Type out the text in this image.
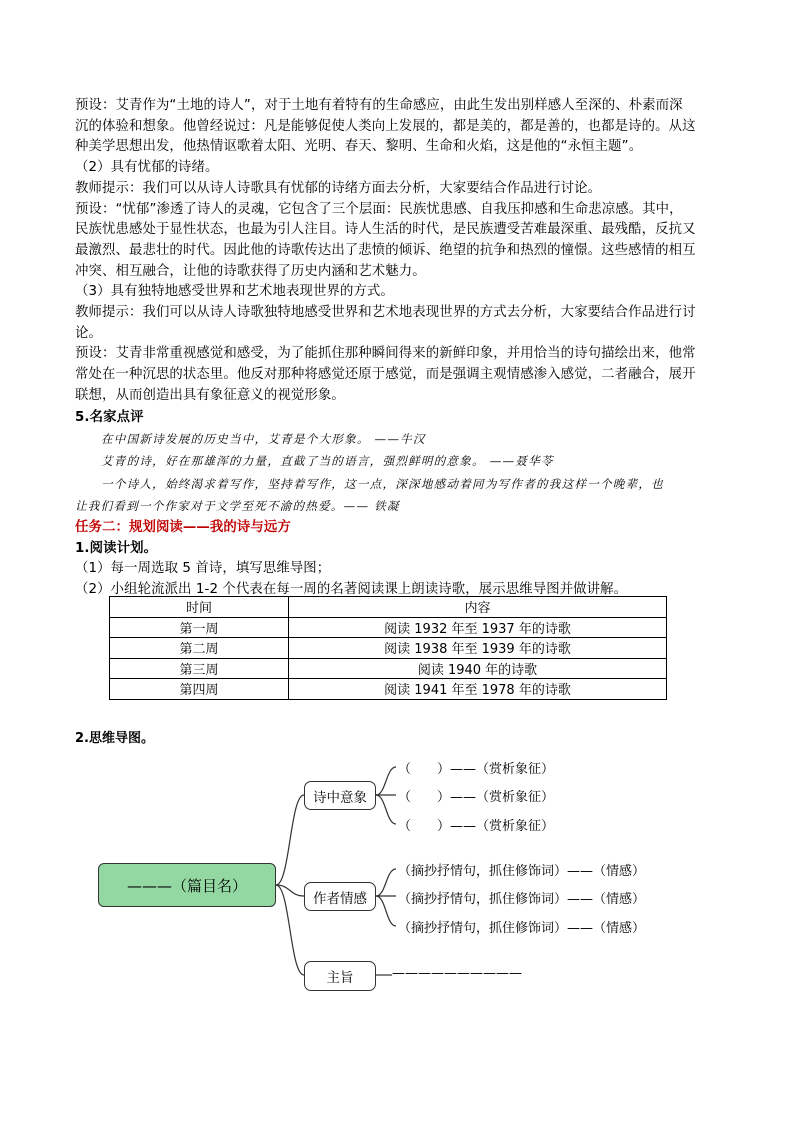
预设：艾青作为“土地的诗人”，对于土地有着特有的生命感应，由此生发出别样感人至深的、朴素而深
沉的体验和想象。他曾经说过：凡是能够促使人类向上发展的，都是美的，都是善的，也都是诗的。从这
种美学思想出发，他热情讴歌着太阳、光明、春天、黎明、生命和火焰，这是他的“永恒主题”。
（2）具有忧郁的诗绪。
教师提示：我们可以从诗人诗歌具有忧郁的诗绪方面去分析，大家要结合作品进行讨论。
预设：“忧郁”渗透了诗人的灵魂，它包含了三个层面：民族忧患感、自我压抑感和生命悲凉感。其中，
民族忧患感处于显性状态，也最为引人注目。诗人生活的时代，是民族遭受苦难最深重、最残酷，反抗又
最激烈、最悲壮的时代。因此他的诗歌传达出了悲愤的倾诉、绝望的抗争和热烈的憧憬。这些感情的相互
冲突、相互融合，让他的诗歌获得了历史内涵和艺术魅力。
（3）具有独特地感受世界和艺术地表现世界的方式。
教师提示：我们可以从诗人诗歌独特地感受世界和艺术地表现世界的方式去分析，大家要结合作品进行讨
论。
预设：艾青非常重视感觉和感受，为了能抓住那种瞬间得来的新鲜印象，并用恰当的诗句描绘出来，他常
常处在一种沉思的状态里。他反对那种将感觉还原于感觉，而是强调主观情感渗入感觉，二者融合，展开
联想，从而创造出具有象征意义的视觉形象。
5.名家点评
在中国新诗发展的历史当中，艾青是个大形象。 ——牛汉
艾青的诗，好在那雄浑的力量，直截了当的语言，强烈鲜明的意象。 ——聂华苓
一个诗人，始终渴求着写作，坚持着写作，这一点，深深地感动着同为写作者的我这样一个晚辈，也
让我们看到一个作家对于文学至死不渝的热爱。—— 铁凝
任务二：规划阅读——我的诗与远方
1.阅读计划。
（1）每一周选取 5 首诗，填写思维导图；
（2）小组轮流派出 1-2 个代表在每一周的名著阅读课上朗读诗歌，展示思维导图并做讲解。
时间	内容
第一周	阅读 1932 年至 1937 年的诗歌
第二周	阅读 1938 年至 1939 年的诗歌
第三周	阅读 1940 年的诗歌
第四周	阅读 1941 年至 1978 年的诗歌
2.思维导图。
———（篇目名）
诗中意象
作者情感
主旨
（　　）——（赏析象征）
（　　）——（赏析象征）
（　　）——（赏析象征）
（摘抄抒情句，抓住修饰词）——（情感）
（摘抄抒情句，抓住修饰词）——（情感）
（摘抄抒情句，抓住修饰词）——（情感）
——————————
